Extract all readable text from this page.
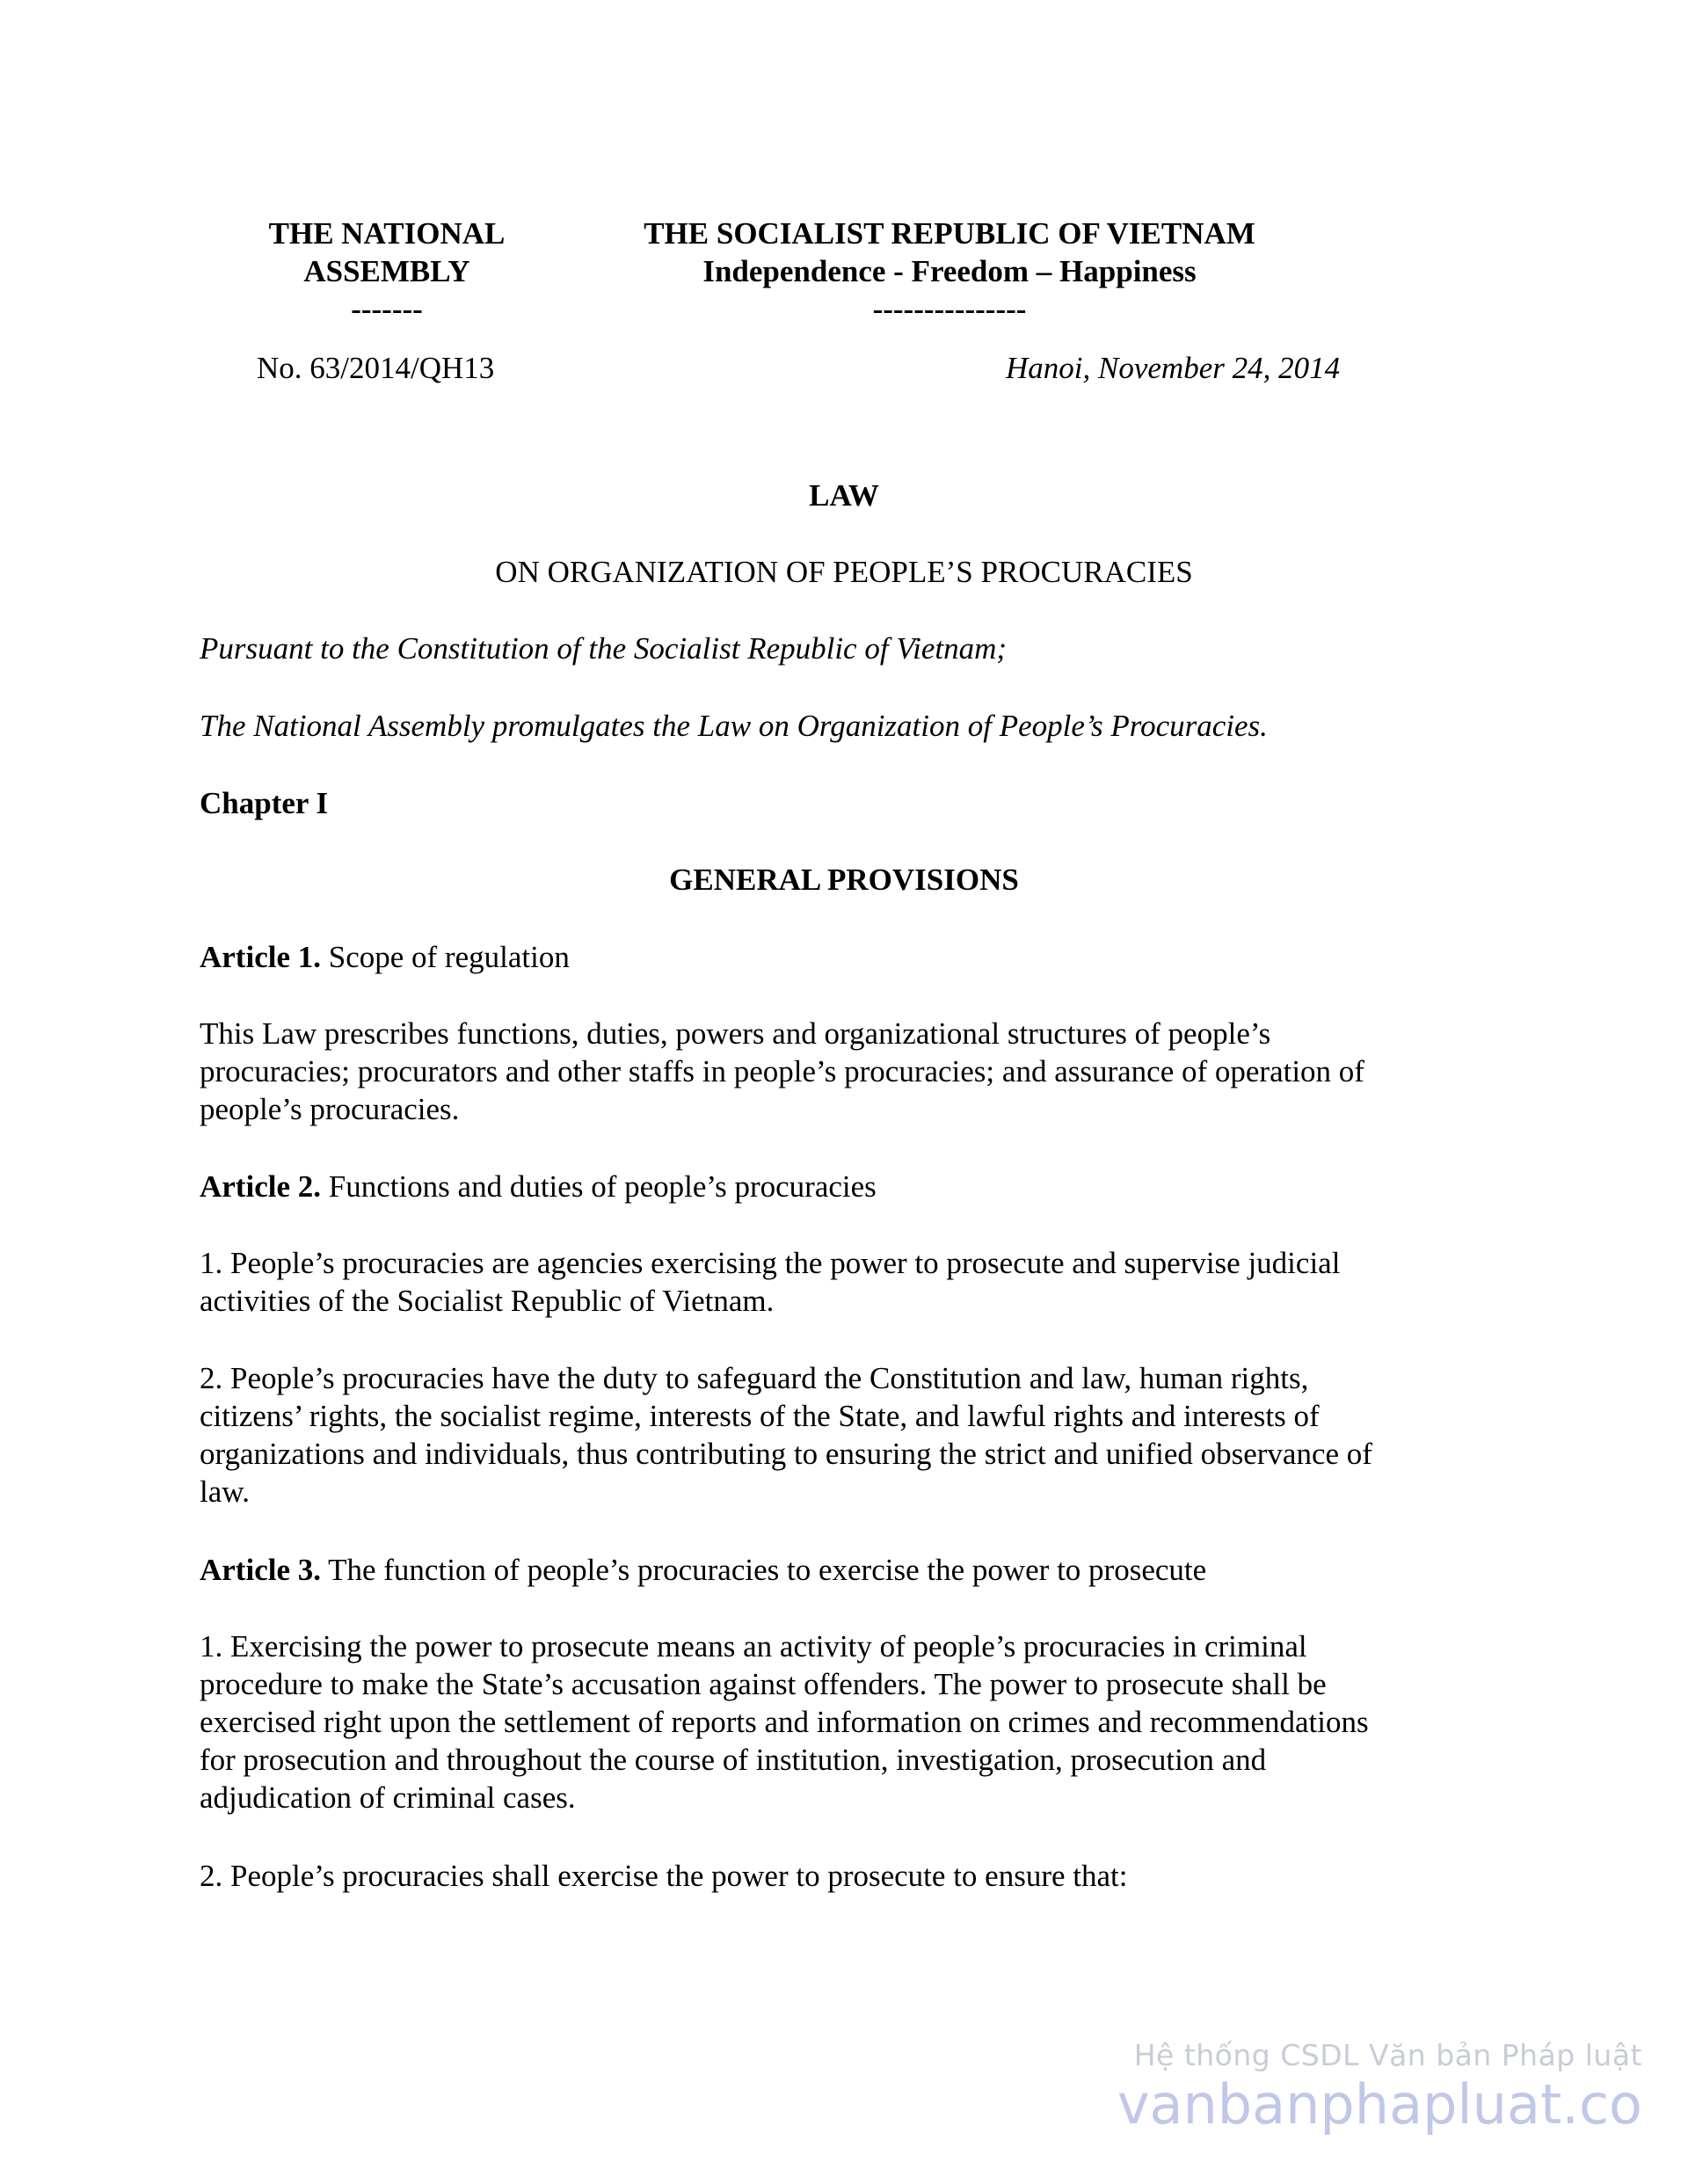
THE NATIONAL
ASSEMBLY
-------
THE SOCIALIST REPUBLIC OF VIETNAM
Independence - Freedom – Happiness
---------------
No. 63/2014/QH13	Hanoi, November 24, 2014
LAW
ON ORGANIZATION OF PEOPLE’S PROCURACIES
Pursuant to the Constitution of the Socialist Republic of Vietnam;
The National Assembly promulgates the Law on Organization of People’s Procuracies.
Chapter I
GENERAL PROVISIONS
Article 1. Scope of regulation
This Law prescribes functions, duties, powers and organizational structures of people’s
procuracies; procurators and other staffs in people’s procuracies; and assurance of operation of
people’s procuracies.
Article 2. Functions and duties of people’s procuracies
1. People’s procuracies are agencies exercising the power to prosecute and supervise judicial
activities of the Socialist Republic of Vietnam.
2. People’s procuracies have the duty to safeguard the Constitution and law, human rights,
citizens’ rights, the socialist regime, interests of the State, and lawful rights and interests of
organizations and individuals, thus contributing to ensuring the strict and unified observance of
law.
Article 3. The function of people’s procuracies to exercise the power to prosecute
1. Exercising the power to prosecute means an activity of people’s procuracies in criminal
procedure to make the State’s accusation against offenders. The power to prosecute shall be
exercised right upon the settlement of reports and information on crimes and recommendations
for prosecution and throughout the course of institution, investigation, prosecution and
adjudication of criminal cases.
2. People’s procuracies shall exercise the power to prosecute to ensure that:
Hệ thống CSDL Văn bản Pháp luật
vanbanphapluat.co
